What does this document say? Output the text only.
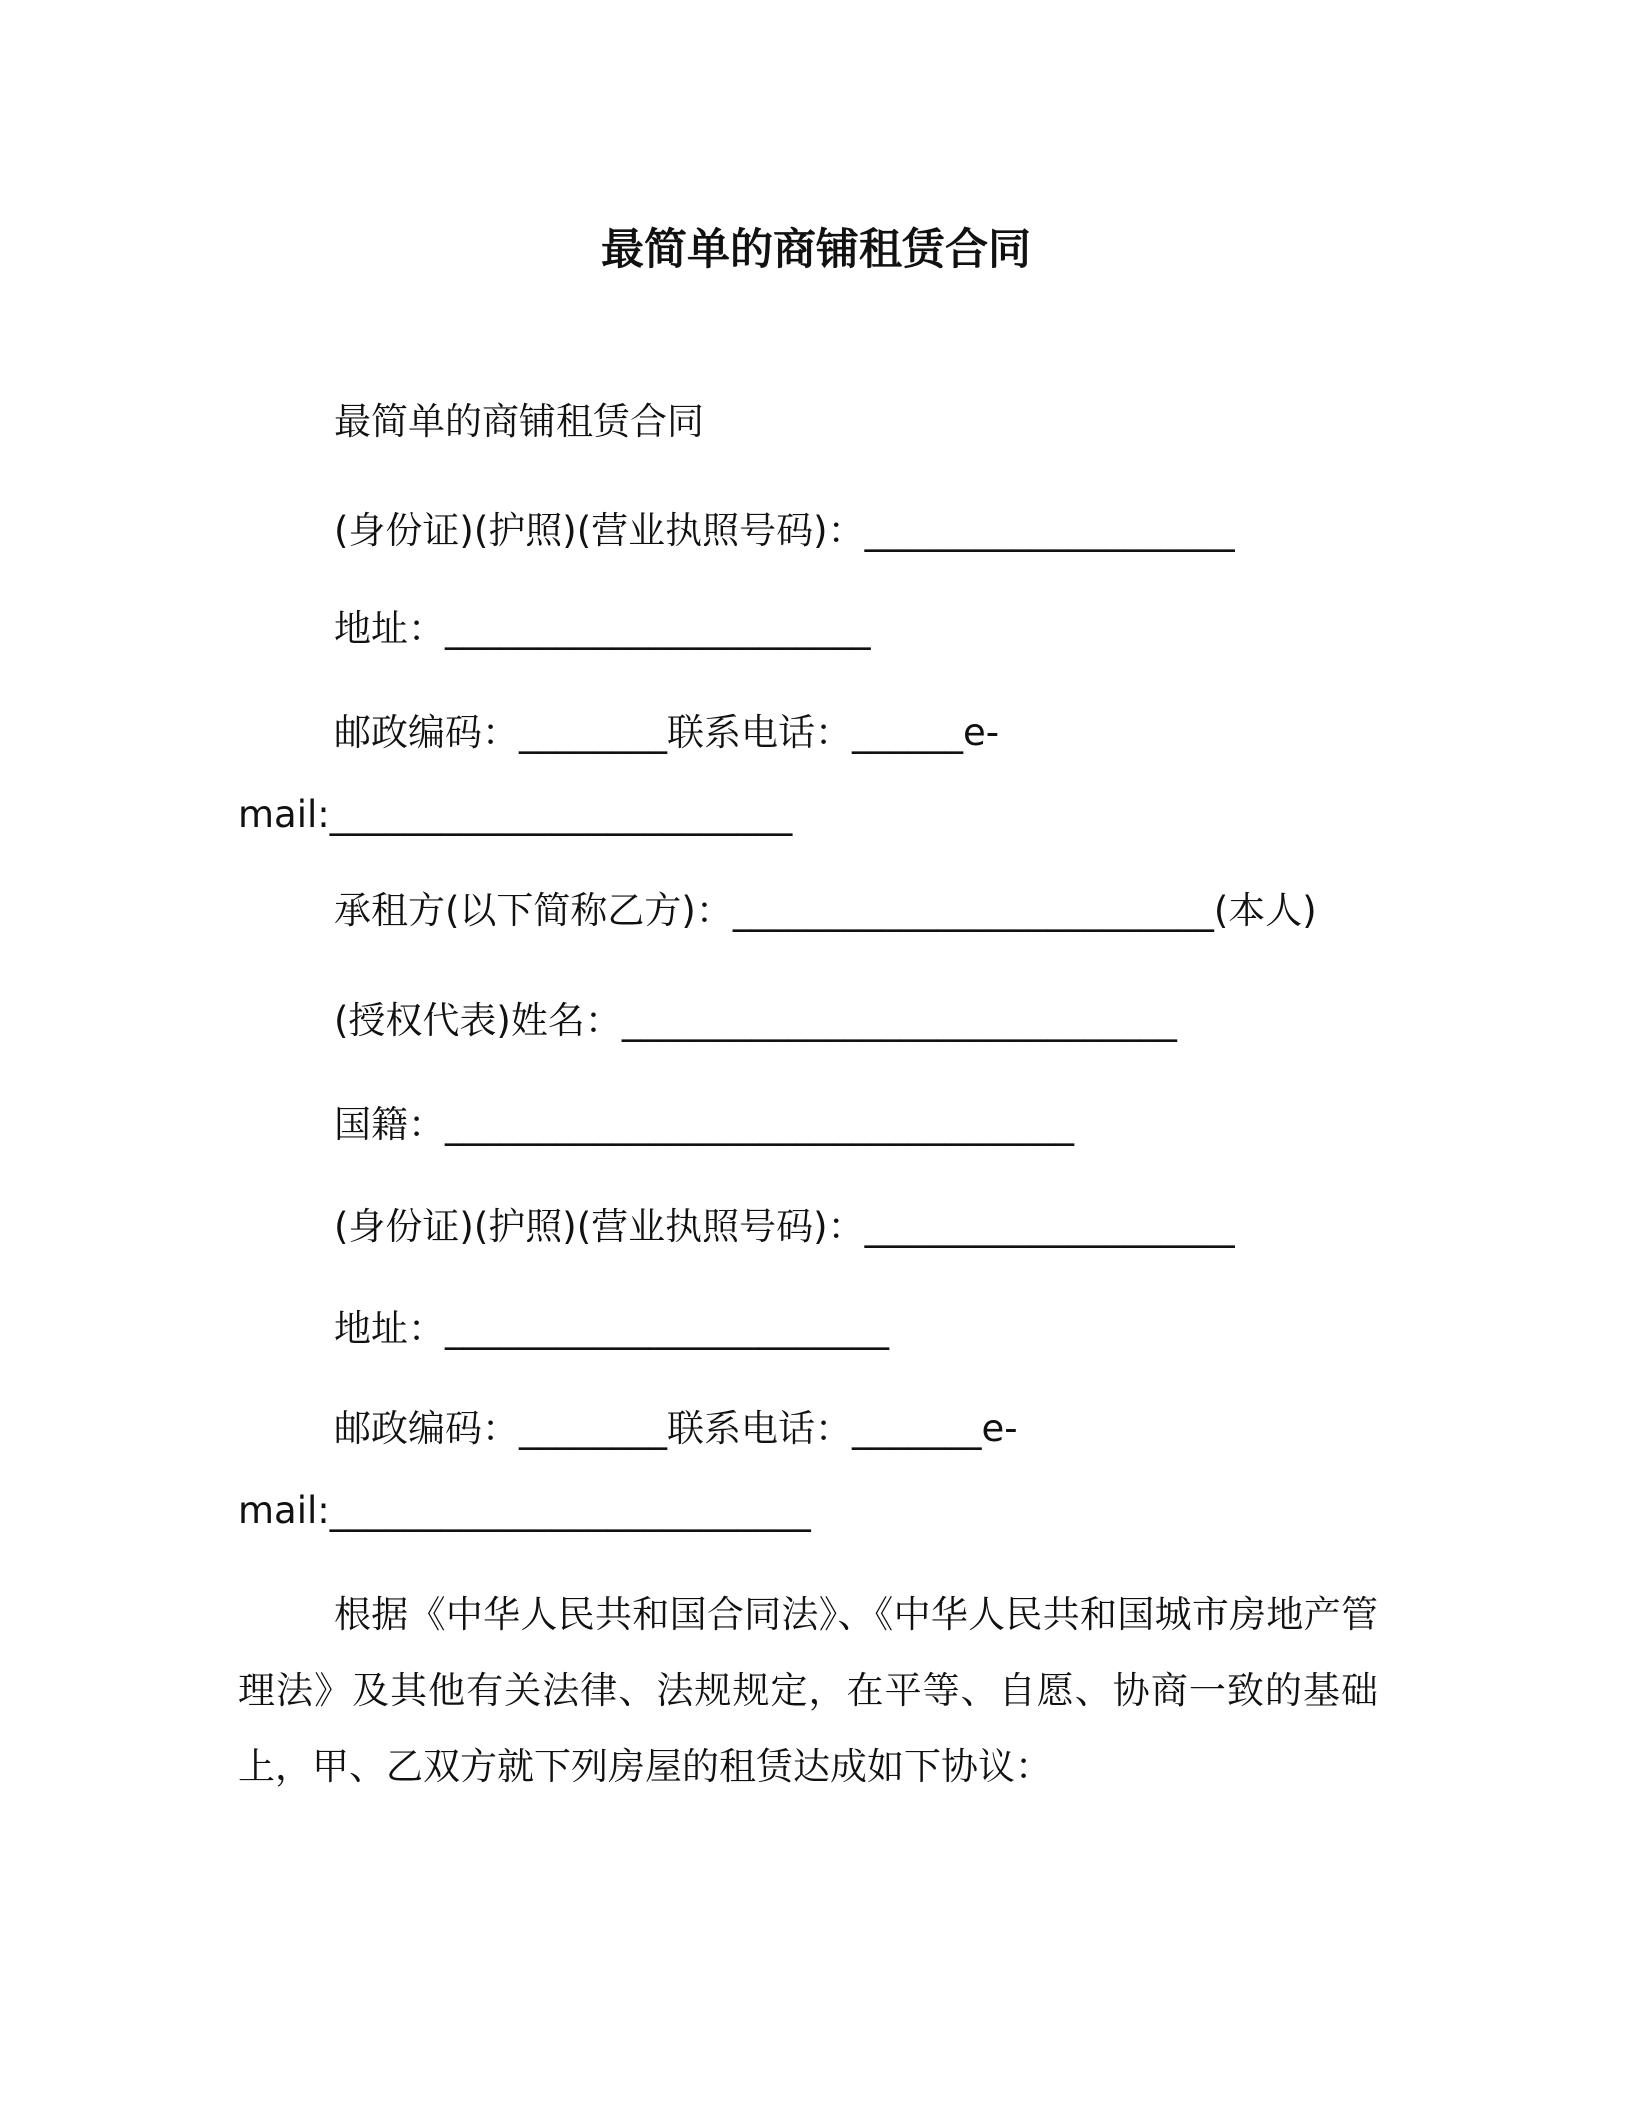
最简单的商铺租赁合同
最简单的商铺租赁合同
(身份证)(护照)(营业执照号码)：____________________
地址：_______________________
邮政编码：________联系电话：______e-
mail:_________________________
承租方(以下简称乙方)：__________________________(本人)
(授权代表)姓名：______________________________
国籍：__________________________________
(身份证)(护照)(营业执照号码)：____________________
地址：________________________
邮政编码：________联系电话：_______e-
mail:__________________________
根据《中华人民共和国合同法》、《中华人民共和国城市房地产管理法》及其他有关法律、法规规定，在平等、自愿、协商一致的基础上，甲、乙双方就下列房屋的租赁达成如下协议：
